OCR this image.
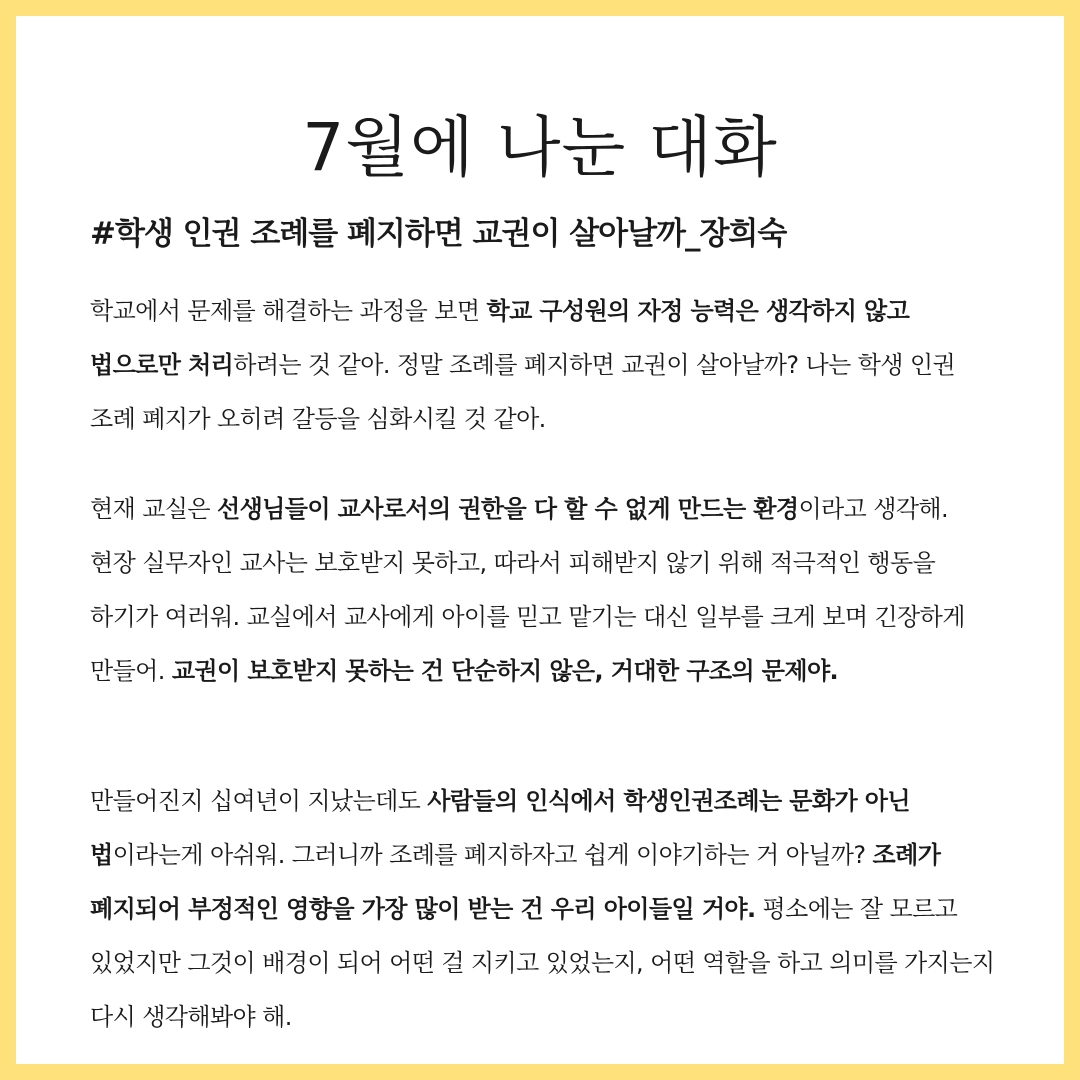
7월에 나눈 대화
#학생 인권 조례를 폐지하면 교권이 살아날까_장희숙

학교에서 문제를 해결하는 과정을 보면 학교 구성원의 자정 능력은 생각하지 않고 법으로만 처리하려는 것 같아. 정말 조례를 폐지하면 교권이 살아날까? 나는 학생 인권 조례 폐지가 오히려 갈등을 심화시킬 것 같아.

현재 교실은 선생님들이 교사로서의 권한을 다 할 수 없게 만드는 환경이라고 생각해. 현장 실무자인 교사는 보호받지 못하고, 따라서 피해받지 않기 위해 적극적인 행동을 하기가 여러워. 교실에서 교사에게 아이를 믿고 맡기는 대신 일부를 크게 보며 긴장하게 만들어. 교권이 보호받지 못하는 건 단순하지 않은, 거대한 구조의 문제야.

만들어진지 십여년이 지났는데도 사람들의 인식에서 학생인권조례는 문화가 아닌 법이라는게 아쉬워. 그러니까 조례를 폐지하자고 쉽게 이야기하는 거 아닐까? 조례가 폐지되어 부정적인 영향을 가장 많이 받는 건 우리 아이들일 거야. 평소에는 잘 모르고 있었지만 그것이 배경이 되어 어떤 걸 지키고 있었는지, 어떤 역할을 하고 의미를 가지는지 다시 생각해봐야 해.
